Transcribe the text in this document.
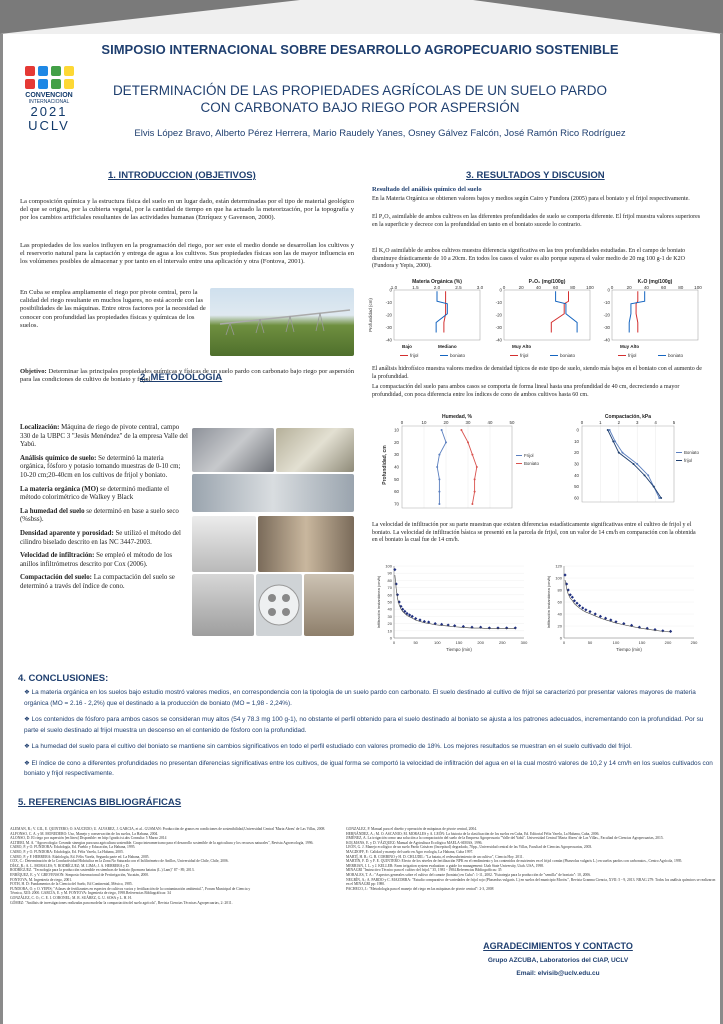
CONVENCION
INTERNACIONAL
2021
UCLV
SIMPOSIO INTERNACIONAL SOBRE DESARROLLO AGROPECUARIO SOSTENIBLE
DETERMINACIÓN DE LAS PROPIEDADES AGRÍCOLAS DE UN SUELO PARDO CON CARBONATO BAJO RIEGO POR ASPERSIÓN
Elvis López Bravo, Alberto Pérez Herrera, Mario Raudely Yanes, Osney Gálvez Falcón, José Ramón Rico Rodríguez
1. INTRODUCCION (OBJETIVOS)
La composición química y la estructura física del suelo en un lugar dado, están determinadas por el tipo de material geológico del que se origina, por la cubierta vegetal, por la cantidad de tiempo en que ha actuado la meteorización, por la topografía y por los cambios artificiales resultantes de las actividades humanas (Enríquez y Gavenson, 2000).
Las propiedades de los suelos influyen en la programación del riego, por ser este el medio donde se desarrollan los cultivos y el reservorio natural para la captación y entrega de agua a los cultivos. Sus propiedades físicas son las de mayor influencia en los volúmenes posibles de almacenar y por tanto en el intervalo entre una aplicación y otra (Fontova, 2001).
En Cuba se emplea ampliamente el riego por pivote central, pero la calidad del riego resultante en muchos lugares, no está acorde con las posibilidades de las máquinas. Entre otros factores por la necesidad de conocer con profundidad las propiedades físicas y químicas de los suelos.
Objetivo: Determinar las principales propiedades químicas y físicas de un suelo pardo con carbonato bajo riego por aspersión para las condiciones de cultivo de boniato y frijol.
2. METODOLOGIA
Localización: Máquina de riego de pivote central, campo 330 de la UBPC 3 "Jesús Menéndez" de la empresa Valle del Yabú.
Análisis químico de suelo: Se determinó la materia orgánica, fósforo y potasio tomando muestras de 0-10 cm; 10-20 cm;20-40cm en los cultivos de frijol y boniato.
La materia orgánica (MO) se determinó mediante el método colorimétrico de Walkey y Black
La humedad del suelo se determinó en base a suelo seco (%sbss).
Densidad aparente y porosidad: Se utilizó el método del cilindro biselado descrito en las NC 3447-2003.
Velocidad de infiltración: Se empleó el método de los anillos infiltrómetros descrito por Cox (2006).
Compactación del suelo: La compactación del suelo se determinó a través del índice de cono.
3. RESULTADOS Y DISCUSION
Resultado del análisis químico del suelo
En la Materia Orgánica se obtienen valores bajos y medios según Cairo y Fundora (2005) para el boniato y el frijol respectivamente.
El P₂O₅ asimilable de ambos cultivos en las diferentes profundidades de suelo se comporta diferente. El frijol muestra valores superiores en la superficie y decrece con la profundidad en tanto en el boniato sucede lo contrario.
El K₂O asimilable de ambos cultivos muestra diferencia significativa en las tres profundidades estudiadas. En el campo de boniato disminuye drásticamente de 10 a 20cm. En todos los casos el valor es alto porque supera el valor medio de 20 mg 100 g-1 de K2O (Fundora y Yepis, 2000).
Materia Orgánica (%)
1.0	1.5	2.0	2.5	3.0
0
-10
-20
-30
-40
Profundidad (cm)
Bajo	Mediano
frijol	boniato
P₂O₅ (mg/100g)
0	20	40	60	80 100
0
-10
-20
-30
-40
Muy Alto
frijol	boniato
K₂O (mg/100g)
0	20	40	60	80 100
0
-10
-20
-30
-40
Muy Alto
frijol	boniato
El análisis hidrofísico muestra valores medios de densidad típicos de este tipo de suelo, siendo más bajos en el boniato con el aumento de la profundidad.
La compactación del suelo para ambos casos se comporta de forma lineal hasta una profundidad de 40 cm, decreciendo a mayor profundidad, con poca diferencia entre los índices de cono de ambos cultivos hasta 60 cm.
Humedad, %
0	10	20	30	40	50
10
20
30
40
50
60
70
Profundidad, cm	Frijol
Boniato
Compactación, kPa
0	1	2	3	4	5
0
10
20
30
40
50
60
Boniato
frijol
La velocidad de infiltración por su parte muestran que existen diferencias estadísticamente significativas entre el cultivo de frijol y el boniato. La velocidad de infiltración básica se presentó en la parcela de frijol, con un valor de 14 cm/h en comparación con la obtenida en el boniato la cual fue de 14 cm/h.
0
10
20
30
40
50
60
70
80
90
100
0	50	100	150	200	250	300
Tiempo (min)
Infiltración instantánea (cm/h)
0
20
40
60
80
100
120
0	50	100	150	200	250
Tiempo (min)
Infiltración instantánea (cm/h)
4. CONCLUSIONES:
❖ La materia orgánica en los suelos bajo estudio mostró valores medios, en correspondencia con la tipología de un suelo pardo con carbonato. El suelo destinado al cultivo de frijol se caracterizó por presentar valores mayores de materia orgánica (MO = 2.16 - 2,2%) que el destinado a la producción de boniato (MO = 1,98 - 2,24%).
❖ Los contenidos de fósforo para ambos casos se consideran muy altos (54 y 78.3 mg 100 g-1), no obstante el perfil obtenido para el suelo destinado al boniato se ajusta a los patrones adecuados, incrementando con la profundidad. Por su parte el suelo destinado al frijol muestra un descenso en el contenido de fósforo con la profundidad.
❖ La humedad del suelo para el cultivo del boniato se mantiene sin cambios significativos en todo el perfil estudiado con valores promedio de 18%. Los mejores resultados se muestran en el suelo cultivado del frijol.
❖ El índice de cono a diferentes profundidades no presentan diferencias significativas entre los cultivos, de igual forma se comportó la velocidad de infiltración del agua en el la cual mostró valores de 10,2 y 14 cm/h en los suelos cultivados con boniato y frijol respectivamente.
5. REFERENCIAS BIBLIOGRÁFICAS
ALEMAN, R.; V. GIL, E. QUINTERO; O. SAUCEDO; U. ÁLVAREZ, J. GARCÍA, et al.. GUSMÁN: Producción de granos en condiciones de sostenibilidad,Universidad Central 'Marta Abreu' de Las Villas, 2008.
ALFONSO, C. A. y M. MONEDERO: Uso, Manejo y conservación de los suelos, La Habana, 2004.
ALONSO, D. El riego por aspersión [en línea] Disponible: en http://grado.ist.ubs Consulta: 5 Marzo 2014
ALTIERI, M. A. "Agroecología: Creando sinergias para una agricultura sostenible. Grupo interamericano para el desarrollo sostenible de la agricultura y los recursos naturales", Revista Agroecología, 1996.
CAIRO, P. y O. FUNDORA: Edafología, Ed. Pueblo y Educación, La Habana, 1995.
CAIRO, P. y O. FUNDORA: Edafología, Ed. Félix Varela, La Habana, 2005.
CAIRO, P. y F. HERRERA: Edafología, Ed. Félix Varela, Segunda parte ed. La Habana, 2005.
COX, C.: Determinación de la Conductividad Hidráulica en la Zona No Saturada con el Infiltrómetro de Anillos, Universidad de Chile, Chile, 2006.
DÍAZ, R.; A. L. MORALES; Y. RODRÍGUEZ; M. LIMA; J. A. HERRERA y D.
RODRÍGUEZ. "Tecnología para la producción sostenible en siembras de boniato (Ipomoea batatas (L.) Lam)" 87 - 89, 2013.
ENRÍQUEZ, E. y V. GREVENSON: Simposio Internacional de Fertirrigación, Yucatán, 2000.
FONTOVA, M. Ingeniería de riego, 2001.
FOTH, H. D: Fundamentos de la Ciencia del Suelo, Ed Continental, México, 1985.
FUNDORA, O. y O. YEPIS: "Atlases de fertilizantes en especies de cultivos varios y fertilización de la contaminación ambiental.", Forum Municipal de Ciencia y
Técnica, XIII: 2000. GARCÍA, E. y M. FONTOVA: Ingeniería de riego, 1998.Referencias Bibliográficas: 34
GONZÁLEZ, C. O.; C. E. I. CORONEL; M. R. SUÁREZ, G. U. SOSA y L. H. H.
GÓMEZ: "Análisis de investigaciones realizadas para modelar la compactación del suelo agrícola", Revista Ciencias Técnicas Agropecuarias, 2: 2011.
GONZÁLEZ, P. Manual para el diseño y operación de máquinas de pivote central, 2004.
HERNÁNDEZ, A.; M. O. ASCANIO; M. MORALES y A. LEÓN: La historia de la clasificación de los suelos en Cuba, Ed. Editorial Félix Varela, La Habana, Cuba, 2006.
JIMÉNEZ, A. La irrigación como una solución a la compactación del suelo de la Empresa Agropecuaria "Valle del Yabú". Universidad Central 'Marta Abreu' de Las Villas., Facultad de Ciencias Agropecuarias, 2015.
KOLMANS, E. y D. VÁZQUEZ: Manual de Agricultura Ecológica MAELA-SIMAS, 1996.
LEÓN, G. J. Manejo ecológico de un suelo Pardo Grisáceo (Inceptisol) degradado, 70pp., Universidad central de las Villas, Facultad de Ciencias Agropecuarias, 2003.
MAGDOFF, F.: Calidad y manejo del suelo en Agro ecología, La Habana, Cuba 1997.
MARTÍ, H. R.; G. B. CORBINO y H. D. CHLUDIL: "La batata, el redescubrimiento de un cultivo", Ciencia Hoy. 2011.
MARTÍN, F. D. y F. E. QUINTERO: Efecto de los niveles de fertilización NPK en el rendimiento y los contenidos de nutrientes en el frijol común (Phaseolus vulgaris L.) en suelos pardos con carbonatos., Centro Agrícola, 1995.
MERRIAN, J. L. y J. KELLER: Farm irrigation system evaluation: a guide for management: Utah State University, Utah. USA, 1998.
MINAGRI "Instructivo Técnico para el cultivo del frijol." 35, 1981 - 1984.Referencias Bibliográficas: 35
MORALES, T. A.: "Aspectos generales sobre el cultivo del camote (boniato) en Cuba": 1-11, 2002. "Estrategia para la producción de "semilla" de boniato": 10, 2006.
NEGRÍN, A.; A. PARDO y C. MAZORRA: "Estudio comparativo de variedades de frijol rojo (Phaseolus vulgaris. L) en suelos del municipio Morón.", Revista Granma Ciencia, XVII: 5 - 9, 2013. NRAG 279: Todos los análisis químicos se realizaron en el MINAGRI pp: 1980.
PACHECO, J.: "Metodología para el manejo del riego en las máquinas de pivote central": 2-3, 2008
AGRADECIMIENTOS Y CONTACTO
Grupo AZCUBA, Laboratorios del CIAP, UCLV
Email: elvisib@uclv.edu.cu
